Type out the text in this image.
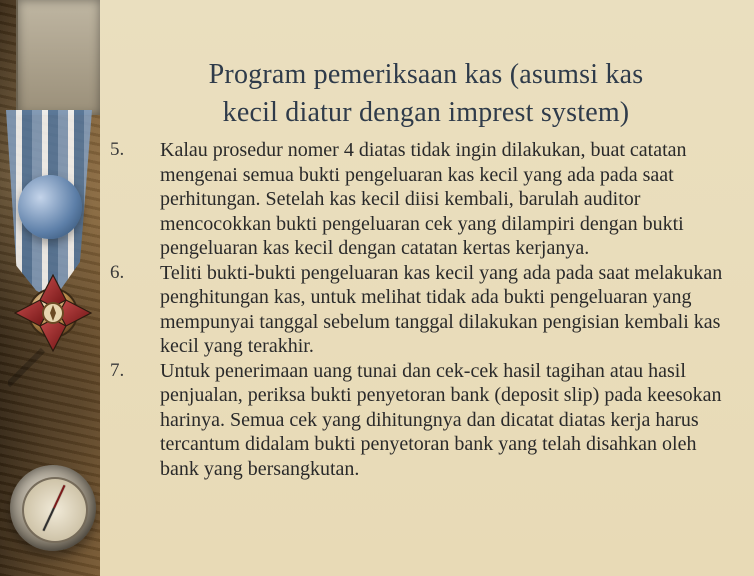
Program pemeriksaan kas (asumsi kas
kecil diatur dengan imprest system)
5.	Kalau prosedur nomer 4 diatas tidak ingin dilakukan, buat catatan mengenai semua bukti pengeluaran kas kecil yang ada pada saat perhitungan. Setelah kas kecil diisi kembali, barulah auditor mencocokkan bukti pengeluaran cek yang dilampiri dengan bukti pengeluaran kas kecil dengan catatan kertas kerjanya.
6.	Teliti bukti-bukti pengeluaran kas kecil yang ada pada saat melakukan penghitungan kas, untuk melihat tidak ada bukti pengeluaran yang mempunyai tanggal sebelum tanggal dilakukan pengisian kembali kas kecil yang terakhir.
7.	Untuk penerimaan uang tunai dan cek-cek hasil tagihan atau hasil penjualan, periksa bukti penyetoran bank (deposit slip) pada keesokan harinya. Semua cek yang dihitungnya dan dicatat diatas kerja harus tercantum didalam bukti penyetoran bank yang telah disahkan oleh bank yang bersangkutan.
